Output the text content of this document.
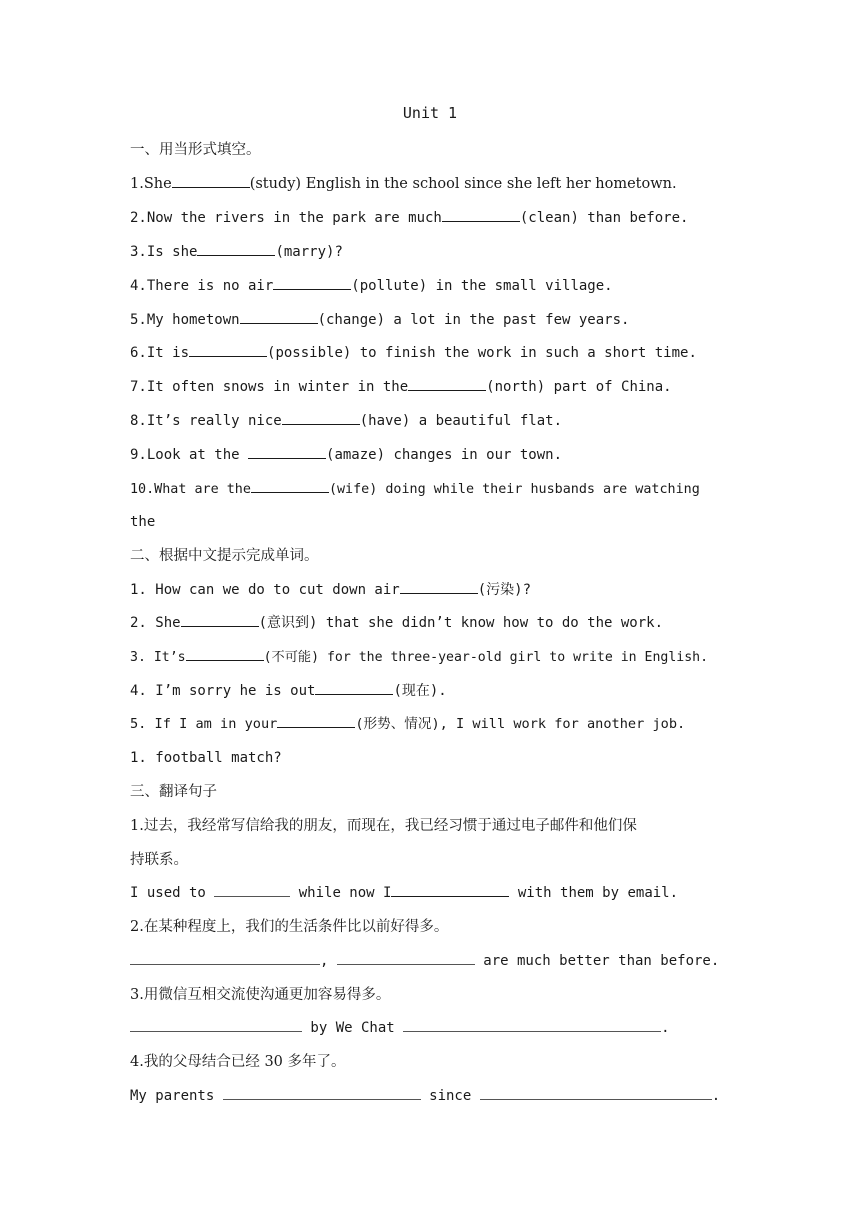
Unit 1
一、用当形式填空。
1.She	(study) English in the school since she left her hometown.
2.Now the rivers in the park are much	(clean) than before.
3.Is she	(marry)?
4.There is no air	(pollute) in the small village.
5.My hometown	(change) a lot in the past few years.
6.It is	(possible) to finish the work in such a short time.
7.It often snows in winter in the	(north) part of China.
8.It’s really nice	(have) a beautiful flat.
9.Look at the	(amaze) changes in our town.
10.What are the	(wife) doing while their husbands are watching
the
二、根据中文提示完成单词。
1. How can we do to cut down air	(污染)?
2. She	(意识到) that she didn’t know how to do the work.
3. It’s	(不可能) for the three-year-old girl to write in English.
4. I’m sorry he is out	(现在).
5. If I am in your	(形势、情况), I will work for another job.
1. football match?
三、翻译句子
1.过去，我经常写信给我的朋友，而现在，我已经习惯于通过电子邮件和他们保
持联系。
I used to	while now I	with them by email.
2.在某种程度上，我们的生活条件比以前好得多。
,	are much better than before.
3.用微信互相交流使沟通更加容易得多。
by We Chat	.
4.我的父母结合已经 30 多年了。
My parents	since	.
